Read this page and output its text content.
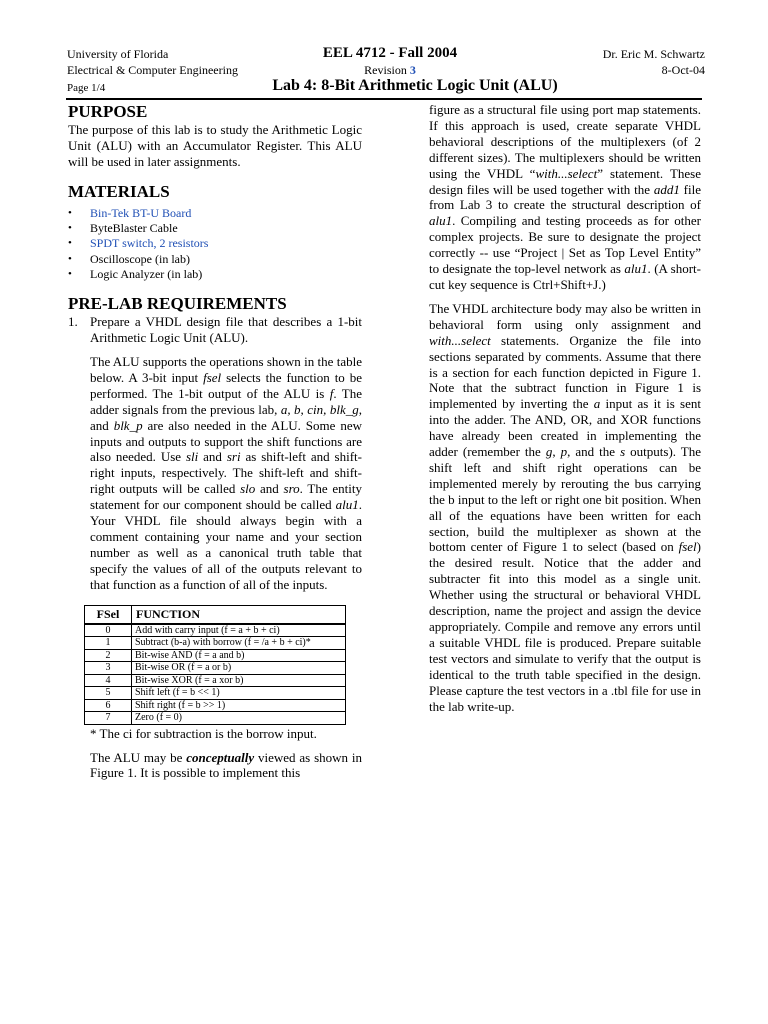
University of Florida
Electrical & Computer Engineering
EEL 4712 - Fall 2004
Revision 3
Dr. Eric M. Schwartz
8-Oct-04
Page 1/4	Lab 4: 8-Bit Arithmetic Logic Unit (ALU)
PURPOSE

The purpose of this lab is to study the Arithmetic Logic Unit (ALU) with an Accumulator Register. This ALU will be used in later assignments.

MATERIALS
• Bin-Tek BT-U Board
• ByteBlaster Cable
• SPDT switch, 2 resistors
• Oscilloscope (in lab)
• Logic Analyzer (in lab)
PRE-LAB REQUIREMENTS
1. Prepare a VHDL design file that describes a 1-bit Arithmetic Logic Unit (ALU).

The ALU supports the operations shown in the table below. A 3-bit input fsel selects the function to be performed. The 1-bit output of the ALU is f. The adder signals from the previous lab, a, b, cin, blk_g, and blk_p are also needed in the ALU. Some new inputs and outputs to support the shift functions are also needed. Use sli and sri as shift-left and shift-right inputs, respectively. The shift-left and shift-right outputs will be called slo and sro. The entity statement for our component should be called alu1. Your VHDL file should always begin with a comment containing your name and your section number as well as a canonical truth table that specify the values of all of the outputs relevant to that function as a function of all of the inputs.

FSel	FUNCTION
0	Add with carry input (f = a + b + ci)
1	Subtract (b-a) with borrow (f = /a + b + ci)*
2	Bit-wise AND (f = a and b)
3	Bit-wise OR (f = a or b)
4	Bit-wise XOR (f = a xor b)
5	Shift left (f = b << 1)
6	Shift right (f = b >> 1)
7	Zero (f = 0)

* The ci for subtraction is the borrow input.

The ALU may be conceptually viewed as shown in Figure 1. It is possible to implement this

figure as a structural file using port map statements. If this approach is used, create separate VHDL behavioral descriptions of the multiplexers (of 2 different sizes). The multiplexers should be written using the VHDL “with...select” statement. These design files will be used together with the add1 file from Lab 3 to create the structural description of alu1. Compiling and testing proceeds as for other complex projects. Be sure to designate the project correctly -- use “Project | Set as Top Level Entity” to designate the top-level network as alu1. (A short-cut key sequence is Ctrl+Shift+J.)

The VHDL architecture body may also be written in behavioral form using only assignment and with...select statements. Organize the file into sections separated by comments. Assume that there is a section for each function depicted in Figure 1. Note that the subtract function in Figure 1 is implemented by inverting the a input as it is sent into the adder. The AND, OR, and XOR functions have already been created in implementing the adder (remember the g, p, and the s outputs). The shift left and shift right operations can be implemented merely by rerouting the bus carrying the b input to the left or right one bit position. When all of the equations have been written for each section, build the multiplexer as shown at the bottom center of Figure 1 to select (based on fsel) the desired result. Notice that the adder and subtracter fit into this model as a single unit. Whether using the structural or behavioral VHDL description, name the project and assign the device appropriately. Compile and remove any errors until a suitable VHDL file is produced. Prepare suitable test vectors and simulate to verify that the output is identical to the truth table specified in the design. Please capture the test vectors in a .tbl file for use in the lab write-up.
